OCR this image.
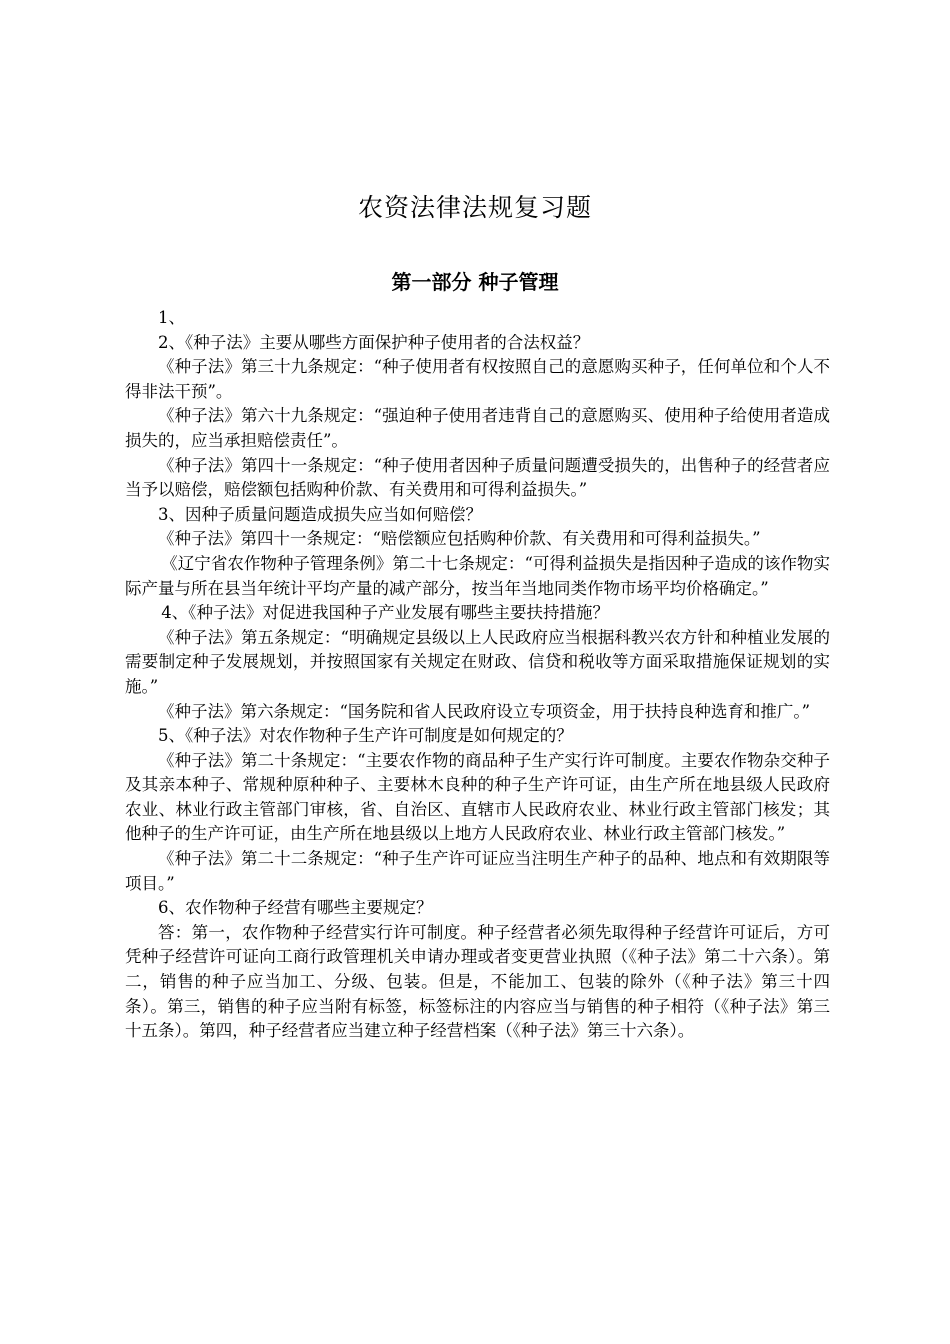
农资法律法规复习题
第一部分 种子管理

1、

2、《种子法》主要从哪些方面保护种子使用者的合法权益？

《种子法》第三十九条规定：“种子使用者有权按照自己的意愿购买种子，任何单位和个人不得非法干预”。

《种子法》第六十九条规定：“强迫种子使用者违背自己的意愿购买、使用种子给使用者造成损失的，应当承担赔偿责任”。

《种子法》第四十一条规定：“种子使用者因种子质量问题遭受损失的，出售种子的经营者应当予以赔偿，赔偿额包括购种价款、有关费用和可得利益损失。”

3、因种子质量问题造成损失应当如何赔偿？

《种子法》第四十一条规定：“赔偿额应包括购种价款、有关费用和可得利益损失。”

《辽宁省农作物种子管理条例》第二十七条规定：“可得利益损失是指因种子造成的该作物实际产量与所在县当年统计平均产量的减产部分，按当年当地同类作物市场平均价格确定。”

4、《种子法》对促进我国种子产业发展有哪些主要扶持措施？

《种子法》第五条规定：“明确规定县级以上人民政府应当根据科教兴农方针和种植业发展的需要制定种子发展规划，并按照国家有关规定在财政、信贷和税收等方面采取措施保证规划的实施。”

《种子法》第六条规定：“国务院和省人民政府设立专项资金，用于扶持良种选育和推广。”

5、《种子法》对农作物种子生产许可制度是如何规定的？

《种子法》第二十条规定：“主要农作物的商品种子生产实行许可制度。主要农作物杂交种子及其亲本种子、常规种原种种子、主要林木良种的种子生产许可证，由生产所在地县级人民政府农业、林业行政主管部门审核，省、自治区、直辖市人民政府农业、林业行政主管部门核发；其他种子的生产许可证，由生产所在地县级以上地方人民政府农业、林业行政主管部门核发。”

《种子法》第二十二条规定：“种子生产许可证应当注明生产种子的品种、地点和有效期限等项目。”

6、农作物种子经营有哪些主要规定？

答：第一，农作物种子经营实行许可制度。种子经营者必须先取得种子经营许可证后，方可凭种子经营许可证向工商行政管理机关申请办理或者变更营业执照（《种子法》第二十六条）。第二，销售的种子应当加工、分级、包装。但是，不能加工、包装的除外（《种子法》第三十四条）。第三，销售的种子应当附有标签，标签标注的内容应当与销售的种子相符（《种子法》第三十五条）。第四，种子经营者应当建立种子经营档案（《种子法》第三十六条）。
